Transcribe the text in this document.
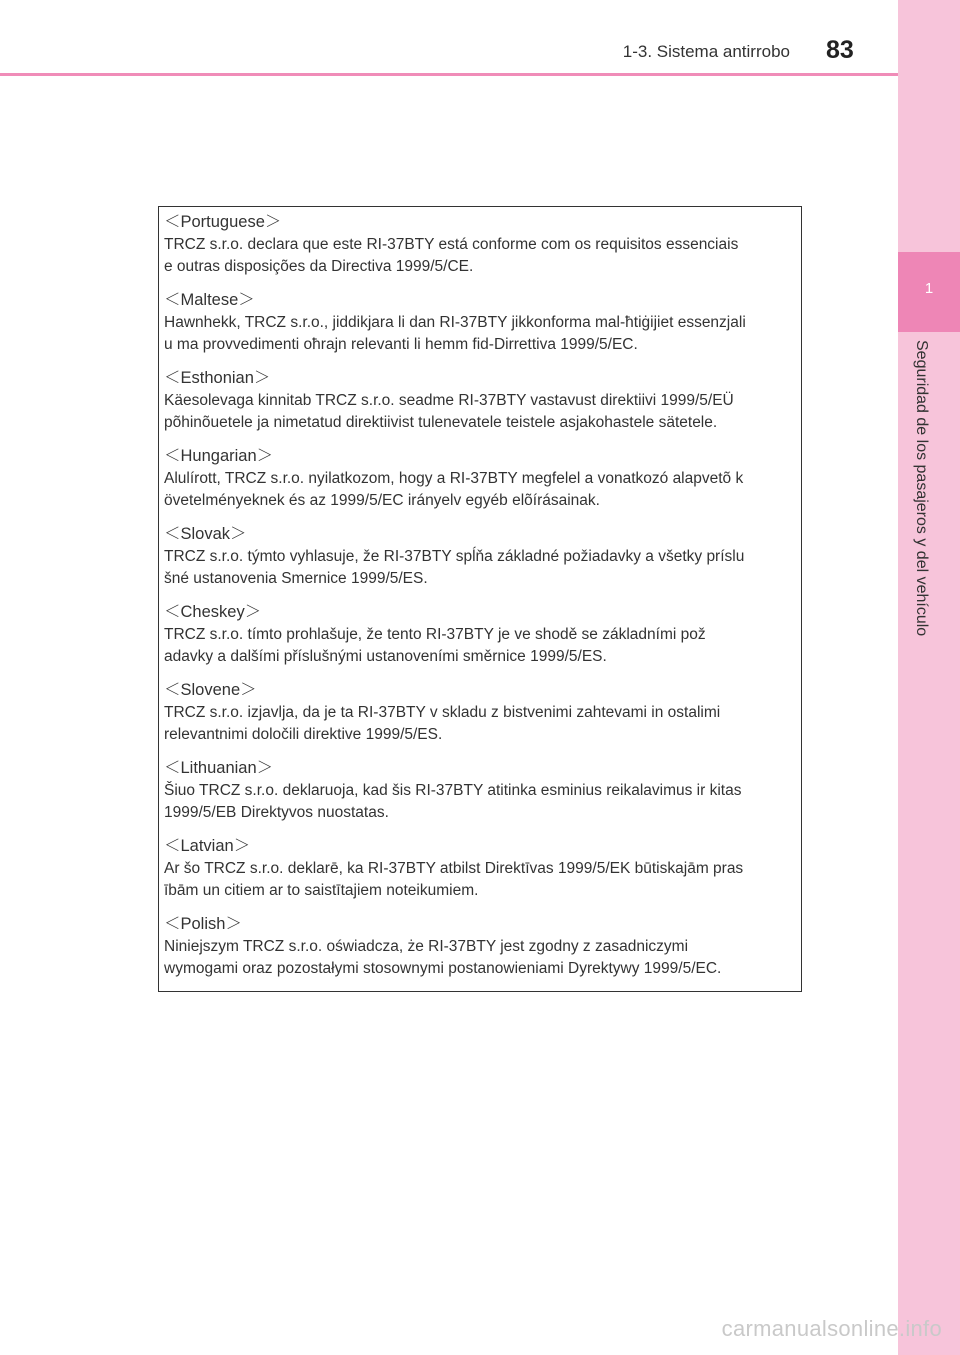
1-3. Sistema antirrobo 83
1
Seguridad de los pasajeros y del vehículo
＜Portuguese＞
TRCZ s.r.o. declara que este RI-37BTY está conforme com os requisitos essenciais
e outras disposições da Directiva 1999/5/CE.
＜Maltese＞
Hawnhekk, TRCZ s.r.o., jiddikjara li dan RI-37BTY jikkonforma mal-ħtiġijiet essenzjali
u ma provvedimenti oħrajn relevanti li hemm fid-Dirrettiva 1999/5/EC.
＜Esthonian＞
Käesolevaga kinnitab TRCZ s.r.o. seadme RI-37BTY vastavust direktiivi 1999/5/EÜ
põhinõuetele ja nimetatud direktiivist tulenevatele teistele asjakohastele sätetele.
＜Hungarian＞
Alulírott, TRCZ s.r.o. nyilatkozom, hogy a RI-37BTY megfelel a vonatkozó alapvetõ k
övetelményeknek és az 1999/5/EC irányelv egyéb elõírásainak.
＜Slovak＞
TRCZ s.r.o. týmto vyhlasuje, že RI-37BTY spĺňa základné požiadavky a všetky príslu
šné ustanovenia Smernice 1999/5/ES.
＜Cheskey＞
TRCZ s.r.o. tímto prohlašuje, že tento RI-37BTY je ve shodě se základními pož
adavky a dalšími příslušnými ustanoveními směrnice 1999/5/ES.
＜Slovene＞
TRCZ s.r.o. izjavlja, da je ta RI-37BTY v skladu z bistvenimi zahtevami in ostalimi
relevantnimi določili direktive 1999/5/ES.
＜Lithuanian＞
Šiuo TRCZ s.r.o. deklaruoja, kad šis RI-37BTY atitinka esminius reikalavimus ir kitas
1999/5/EB Direktyvos nuostatas.
＜Latvian＞
Ar šo TRCZ s.r.o. deklarē, ka RI-37BTY atbilst Direktīvas 1999/5/EK būtiskajām pras
ībām un citiem ar to saistītajiem noteikumiem.
＜Polish＞
Niniejszym TRCZ s.r.o. oświadcza, że RI-37BTY jest zgodny z zasadniczymi
wymogami oraz pozostałymi stosownymi postanowieniami Dyrektywy 1999/5/EC.
carmanualsonline.info
